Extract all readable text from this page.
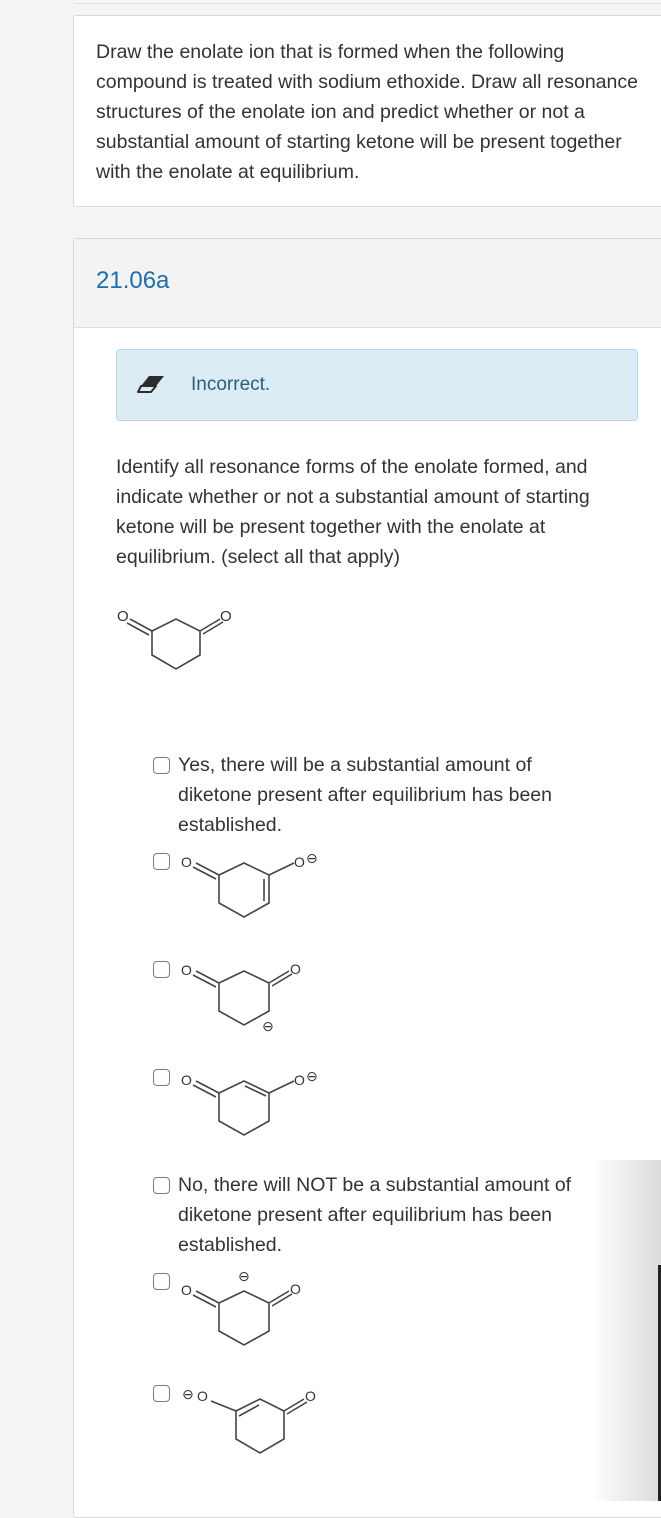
Draw the enolate ion that is formed when the following compound is treated with sodium ethoxide. Draw all resonance structures of the enolate ion and predict whether or not a substantial amount of starting ketone will be present together with the enolate at equilibrium.
21.06a
Incorrect.
Identify all resonance forms of the enolate formed, and indicate whether or not a substantial amount of starting ketone will be present together with the enolate at equilibrium. (select all that apply)
O	O
Yes, there will be a substantial amount of diketone present after equilibrium has been established.
O	O ⊖
O	O
⊖
O	O ⊖
No, there will NOT be a substantial amount of diketone present after equilibrium has been established.
O	O
⊖
⊖ O	O
